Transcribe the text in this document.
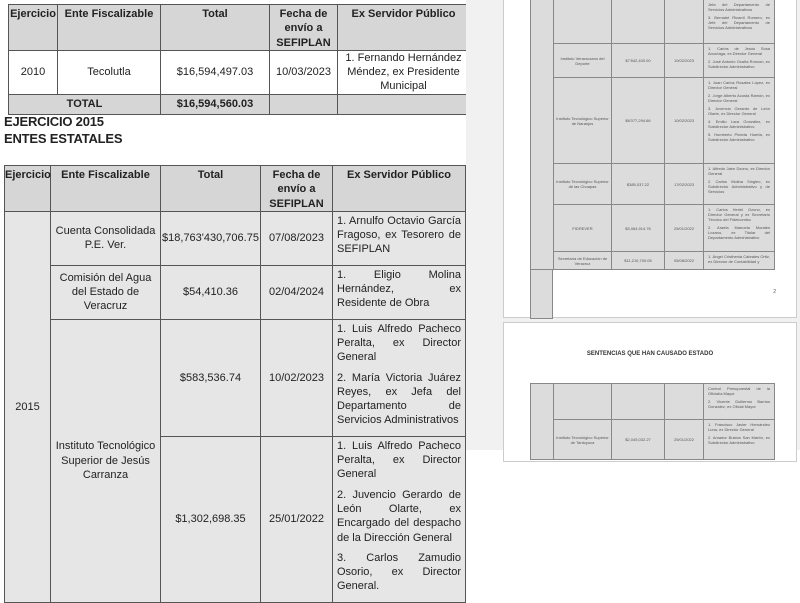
Ejercicio	Ente Fiscalizable	Total	Fecha de envío a SEFIPLAN	Ex Servidor Público
2010	Tecolutla	$16,594,497.03	10/03/2023	1. Fernando Hernández Méndez, ex Presidente Municipal
TOTAL		$16,594,560.03		
EJERCICIO 2015
ENTES ESTATALES
Ejercicio	Ente Fiscalizable	Total	Fecha de envío a SEFIPLAN	Ex Servidor Público
2015	Cuenta Consolidada P.E. Ver.	$18,763'430,706.75	07/08/2023	1. Arnulfo Octavio García Fragoso, ex Tesorero de SEFIPLAN

	Comisión del Agua del Estado de Veracruz	$54,410.36	02/04/2024	1. Eligio Molina Hernández, ex Residente de Obra

	Instituto Tecnológico Superior de Jesús Carranza	$583,536.74	10/02/2023	1. Luis Alfredo Pacheco Peralta, ex Director General

2. María Victoria Juárez Reyes, ex Jefa del Departamento de Servicios Administrativos

		$1,302,698.35	25/01/2022	1. Luis Alfredo Pacheco Peralta, ex Director General

2. Juvencio Gerardo de León Olarte, ex Encargado del despacho de la Dirección General

3. Carlos Zamudio Osorio, ex Director General.

				Jefa del Departamento de Servicios Administrativos

3. Bernabé Ricardi Romero, ex Jefe del Departamento de Servicios Administrativos

	Instituto Veracruzano del Deporte	$7'842,400.00	10/02/2023	1. Carlos de Jesús Sosa Arcuriaga, ex Director General

2. José Antonio Ocaña Roncon, ex Subdirector Administrativo

	Instituto Tecnológico Superior de Naranjos	$6'077,294.66	10/02/2023	1. Juan Carlos Rosales López, ex Director General

2. Jorge Alberto Acosta Ramón, ex Director General

3. Juvencio Gerardo de León Olarte, ex Director General

4. Emilio Lara González, ex Subdirector Administrativo

5. Humberto Pineda Huerta, ex Subdirector Administrativo

	Instituto Tecnológico Superior de las Choapas	$385,037.22	17/02/2023	1. Alfredo Jaén Dzono, ex Director General

2. Carlos Molina Singleo, ex Subdirector Administrativo y de Servicios

	FIDREVER	$3,064,914.76	25/01/2022	1. Carlos Heriel Ozono, ex Director General y ex Secretario Técnico del Fideicomiso

2. Araela Manuela Morales Lozano, ex Titular del Departamento Administrativo

	Secretaría de Educación de Veracruz	$11,210,700.05	05/08/2022	1. Ángel Cristhenia Cabrales Ortiz, ex Director de Contabilidad y

2
SENTENCIAS QUE HAN CAUSADO ESTADO

				Control Presupuestal de la Oficialía Mayor

2. Vicente Guillermo Barrios González, ex Oficial Mayor

	Instituto Tecnológico Superior de Tantoyuca	$2,045,032.27	25/01/2022	1. Francisco Javier Hernández Luna, ex Director General

2. Amador Bustos San Martín, ex Subdirector Administrativo
